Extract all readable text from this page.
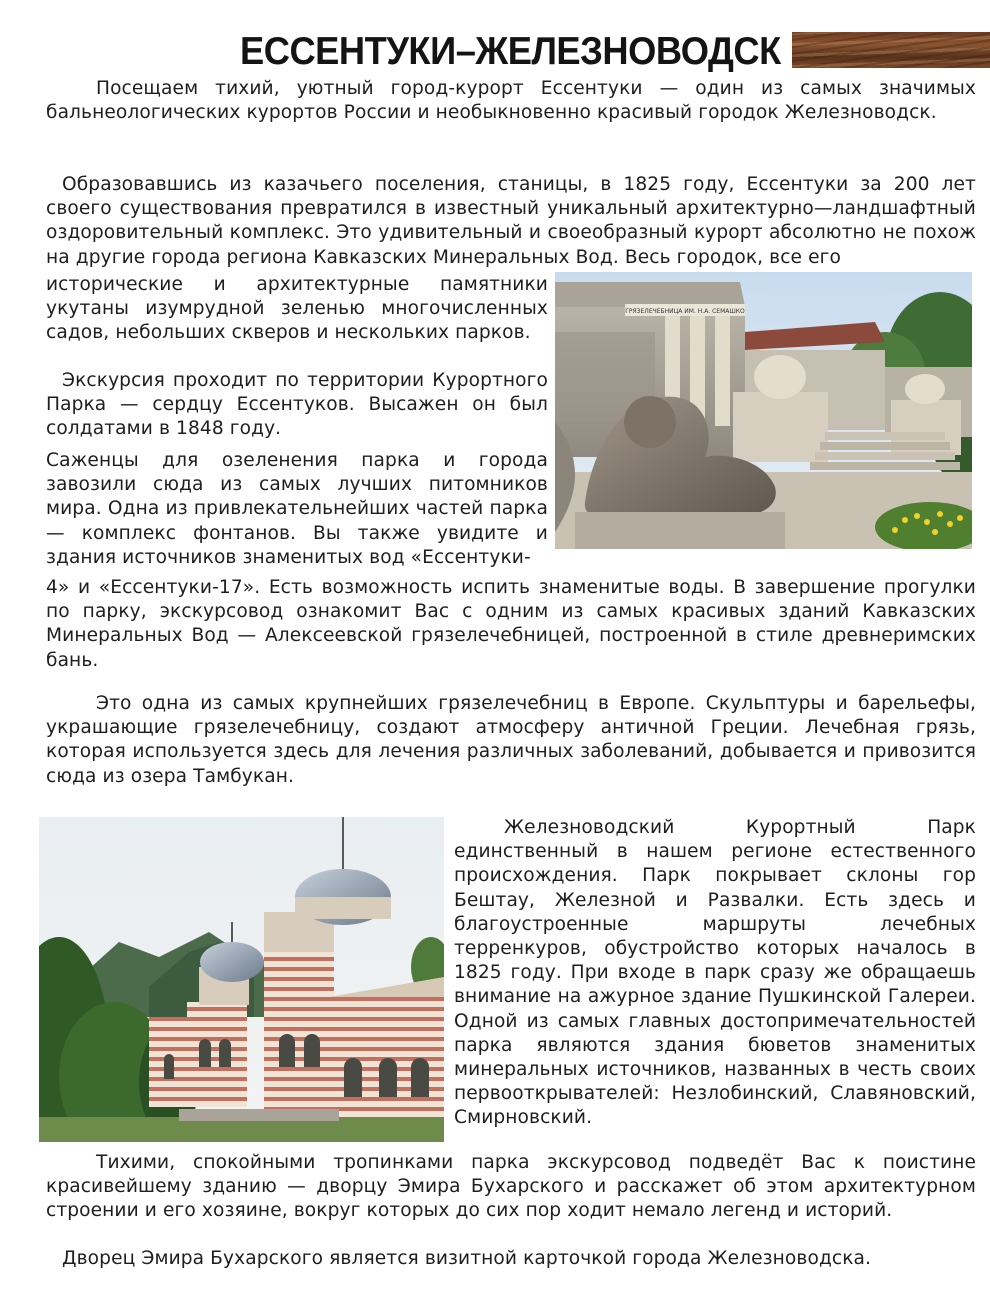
ЕССЕНТУКИ–ЖЕЛЕЗНОВОДСК

Посещаем тихий, уютный город-курорт Ессентуки — один из самых значимых бальнеологических курортов России и необыкновенно красивый городок Железноводск.

Образовавшись из казачьего поселения, станицы, в 1825 году, Ессентуки за 200 лет своего существования превратился в известный уникальный архитектурно—ландшафтный оздоровительный комплекс. Это удивительный и своеобразный курорт абсолютно не похож на другие города региона Кавказских Минеральных Вод. Весь городок, все его

исторические и архитектурные памятники укутаны изумрудной зеленью многочисленных садов, небольших скверов и нескольких парков.

Экскурсия проходит по территории Курортного Парка — сердцу Ессентуков. Высажен он был солдатами в 1848 году.

Саженцы для озеленения парка и города завозили сюда из самых лучших питомников мира. Одна из привлекательнейших частей парка — комплекс фонтанов. Вы также увидите и здания источников знаменитых вод «Ессентуки-

4» и «Ессентуки-17». Есть возможность испить знаменитые воды. В завершение прогулки по парку, экскурсовод ознакомит Вас с одним из самых красивых зданий Кавказских Минеральных Вод — Алексеевской грязелечебницей, построенной в стиле древнеримских бань.

Это одна из самых крупнейших грязелечебниц в Европе. Скульптуры и барельефы, украшающие грязелечебницу, создают атмосферу античной Греции. Лечебная грязь, которая используется здесь для лечения различных заболеваний, добывается и привозится сюда из озера Тамбукан.

Железноводский Курортный Парк единственный в нашем регионе естественного происхождения. Парк покрывает склоны гор Бештау, Железной и Развалки. Есть здесь и благоустроенные маршруты лечебных терренкуров, обустройство которых началось в 1825 году. При входе в парк сразу же обращаешь внимание на ажурное здание Пушкинской Галереи. Одной из самых главных достопримечательностей парка являются здания бюветов знаменитых минеральных источников, названных в честь своих первооткрывателей: Незлобинский, Славяновский, Смирновский.

Тихими, спокойными тропинками парка экскурсовод подведёт Вас к поистине красивейшему зданию — дворцу Эмира Бухарского и расскажет об этом архитектурном строении и его хозяине, вокруг которых до сих пор ходит немало легенд и историй.

Дворец Эмира Бухарского является визитной карточкой города Железноводска.

ГРЯЗЕЛЕЧЕБНИЦА ИМ. Н.А. СЕМАШКО
